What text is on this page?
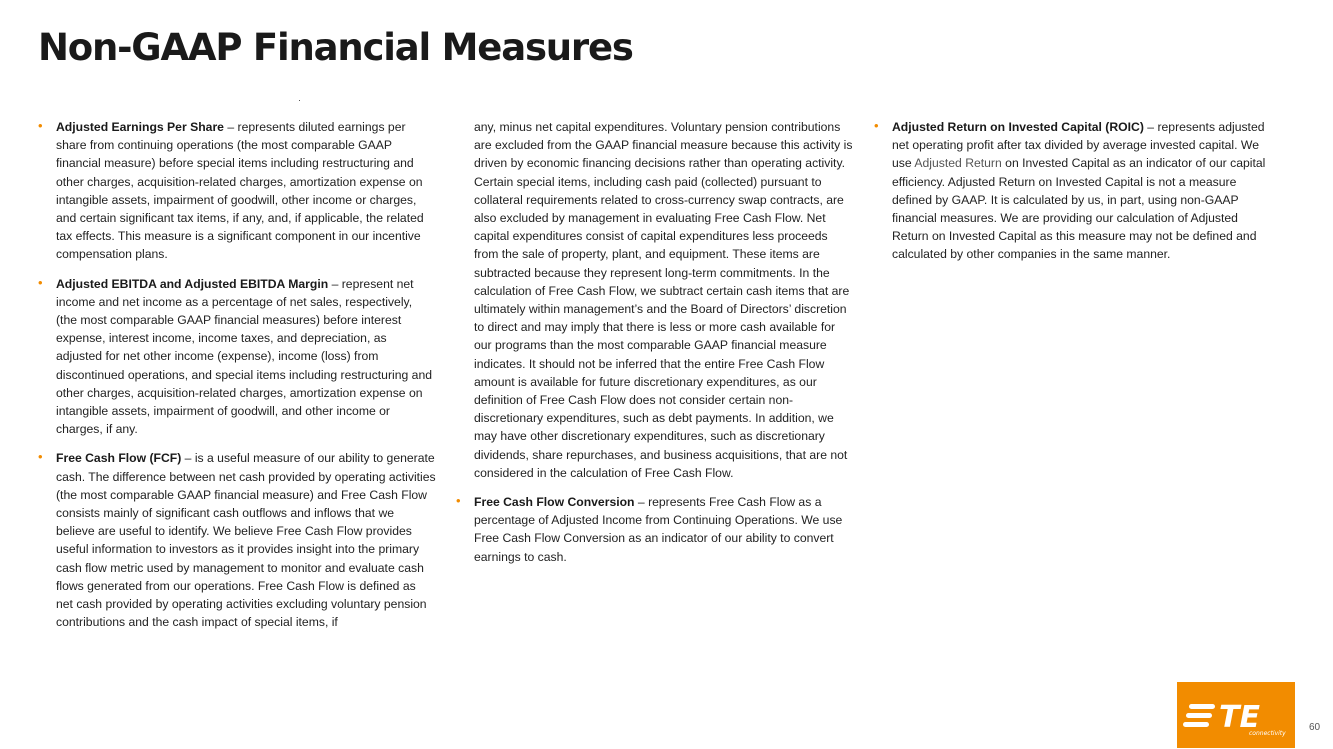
Non-GAAP Financial Measures

• Adjusted Earnings Per Share – represents diluted earnings per share from continuing operations (the most comparable GAAP financial measure) before special items including restructuring and other charges, acquisition-related charges, amortization expense on intangible assets, impairment of goodwill, other income or charges, and certain significant tax items, if any, and, if applicable, the related tax effects. This measure is a significant component in our incentive compensation plans.

• Adjusted EBITDA and Adjusted EBITDA Margin – represent net income and net income as a percentage of net sales, respectively, (the most comparable GAAP financial measures) before interest expense, interest income, income taxes, and depreciation, as adjusted for net other income (expense), income (loss) from discontinued operations, and special items including restructuring and other charges, acquisition-related charges, amortization expense on intangible assets, impairment of goodwill, and other income or charges, if any.

• Free Cash Flow (FCF) – is a useful measure of our ability to generate cash. The difference between net cash provided by operating activities (the most comparable GAAP financial measure) and Free Cash Flow consists mainly of significant cash outflows and inflows that we believe are useful to identify. We believe Free Cash Flow provides useful information to investors as it provides insight into the primary cash flow metric used by management to monitor and evaluate cash flows generated from our operations. Free Cash Flow is defined as net cash provided by operating activities excluding voluntary pension contributions and the cash impact of special items, if

any, minus net capital expenditures. Voluntary pension contributions are excluded from the GAAP financial measure because this activity is driven by economic financing decisions rather than operating activity. Certain special items, including cash paid (collected) pursuant to collateral requirements related to cross-currency swap contracts, are also excluded by management in evaluating Free Cash Flow. Net capital expenditures consist of capital expenditures less proceeds from the sale of property, plant, and equipment. These items are subtracted because they represent long-term commitments. In the calculation of Free Cash Flow, we subtract certain cash items that are ultimately within management’s and the Board of Directors’ discretion to direct and may imply that there is less or more cash available for our programs than the most comparable GAAP financial measure indicates. It should not be inferred that the entire Free Cash Flow amount is available for future discretionary expenditures, as our definition of Free Cash Flow does not consider certain non-discretionary expenditures, such as debt payments. In addition, we may have other discretionary expenditures, such as discretionary dividends, share repurchases, and business acquisitions, that are not considered in the calculation of Free Cash Flow.

• Free Cash Flow Conversion – represents Free Cash Flow as a percentage of Adjusted Income from Continuing Operations. We use Free Cash Flow Conversion as an indicator of our ability to convert earnings to cash.

• Adjusted Return on Invested Capital (ROIC) – represents adjusted net operating profit after tax divided by average invested capital. We use Adjusted Return on Invested Capital as an indicator of our capital efficiency. Adjusted Return on Invested Capital is not a measure defined by GAAP. It is calculated by us, in part, using non-GAAP financial measures. We are providing our calculation of Adjusted Return on Invested Capital as this measure may not be defined and calculated by other companies in the same manner.

TE
connectivity
60
